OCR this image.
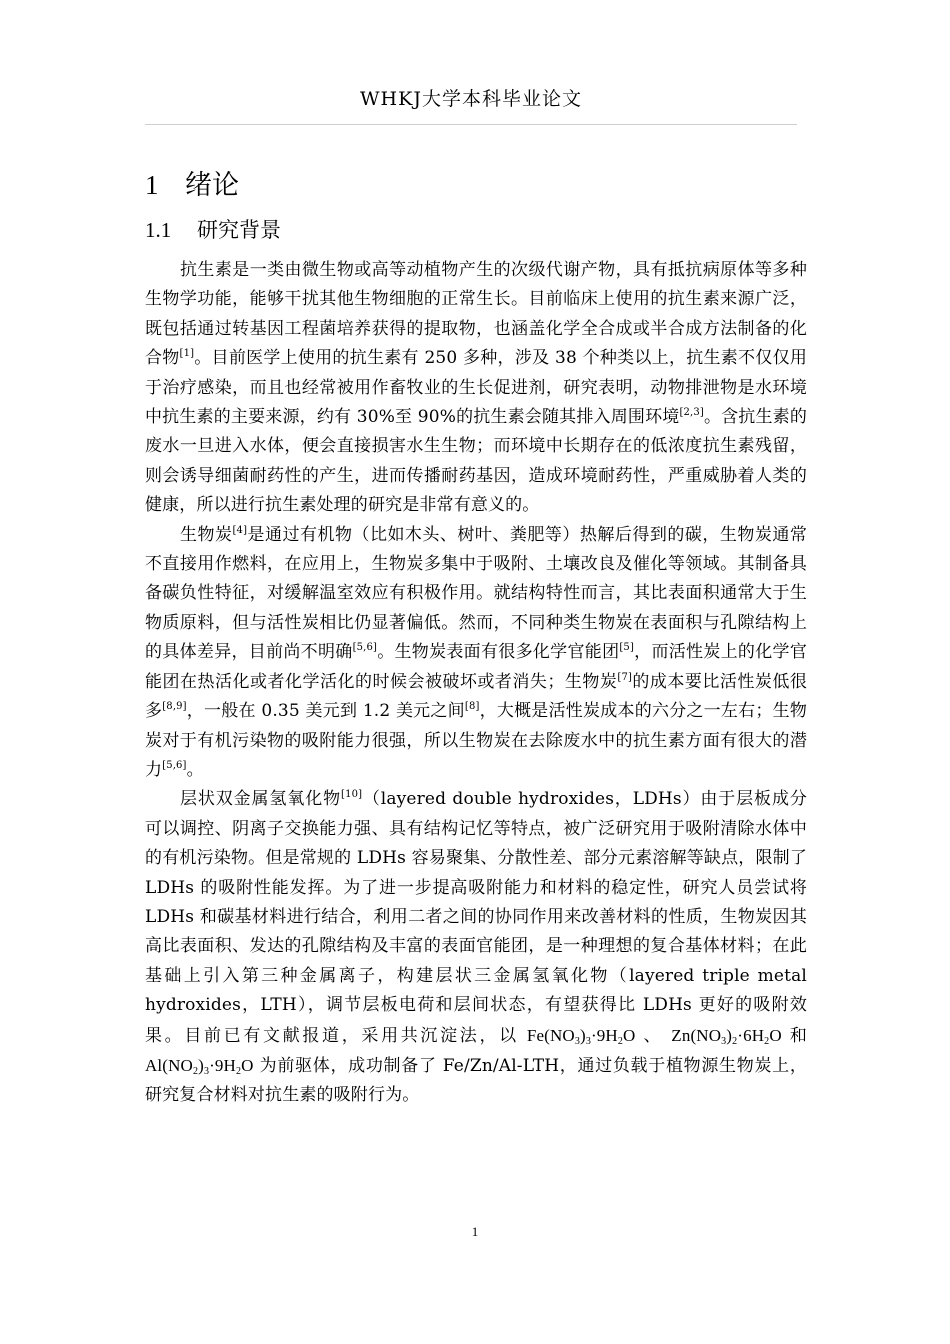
WHKJ大学本科毕业论文
1 绪论
1.1 研究背景

抗生素是一类由微生物或高等动植物产生的次级代谢产物，具有抵抗病原体等多种生物学功能，能够干扰其他生物细胞的正常生长。目前临床上使用的抗生素来源广泛，既包括通过转基因工程菌培养获得的提取物，也涵盖化学全合成或半合成方法制备的化合物[1]。目前医学上使用的抗生素有 250 多种，涉及 38 个种类以上，抗生素不仅仅用于治疗感染，而且也经常被用作畜牧业的生长促进剂，研究表明，动物排泄物是水环境中抗生素的主要来源，约有 30%至 90%的抗生素会随其排入周围环境[2,3]。含抗生素的废水一旦进入水体，便会直接损害水生生物；而环境中长期存在的低浓度抗生素残留，则会诱导细菌耐药性的产生，进而传播耐药基因，造成环境耐药性，严重威胁着人类的健康，所以进行抗生素处理的研究是非常有意义的。

生物炭[4]是通过有机物（比如木头、树叶、粪肥等）热解后得到的碳，生物炭通常不直接用作燃料，在应用上，生物炭多集中于吸附、土壤改良及催化等领域。其制备具备碳负性特征，对缓解温室效应有积极作用。就结构特性而言，其比表面积通常大于生物质原料，但与活性炭相比仍显著偏低。然而，不同种类生物炭在表面积与孔隙结构上的具体差异，目前尚不明确[5,6]。生物炭表面有很多化学官能团[5]，而活性炭上的化学官能团在热活化或者化学活化的时候会被破坏或者消失；生物炭[7]的成本要比活性炭低很多[8,9]，一般在 0.35 美元到 1.2 美元之间[8]，大概是活性炭成本的六分之一左右；生物炭对于有机污染物的吸附能力很强，所以生物炭在去除废水中的抗生素方面有很大的潜力[5,6]。

层状双金属氢氧化物[10]（layered double hydroxides，LDHs）由于层板成分可以调控、阴离子交换能力强、具有结构记忆等特点，被广泛研究用于吸附清除水体中的有机污染物。但是常规的 LDHs 容易聚集、分散性差、部分元素溶解等缺点，限制了 LDHs 的吸附性能发挥。为了进一步提高吸附能力和材料的稳定性，研究人员尝试将 LDHs 和碳基材料进行结合，利用二者之间的协同作用来改善材料的性质，生物炭因其高比表面积、发达的孔隙结构及丰富的表面官能团，是一种理想的复合基体材料；在此基础上引入第三种金属离子，构建层状三金属氢氧化物（layered triple metal hydroxides，LTH），调节层板电荷和层间状态，有望获得比 LDHs 更好的吸附效果。目前已有文献报道，采用共沉淀法，以 $Fe(NO_3)_3\cdot 9H_2O$ 、 $Zn(NO_3)_2\cdot 6H_2O$ 和 $Al(NO_2)_3\cdot 9H_2O$ 为前驱体，成功制备了 Fe/Zn/Al-LTH，通过负载于植物源生物炭上，研究复合材料对抗生素的吸附行为。

1
